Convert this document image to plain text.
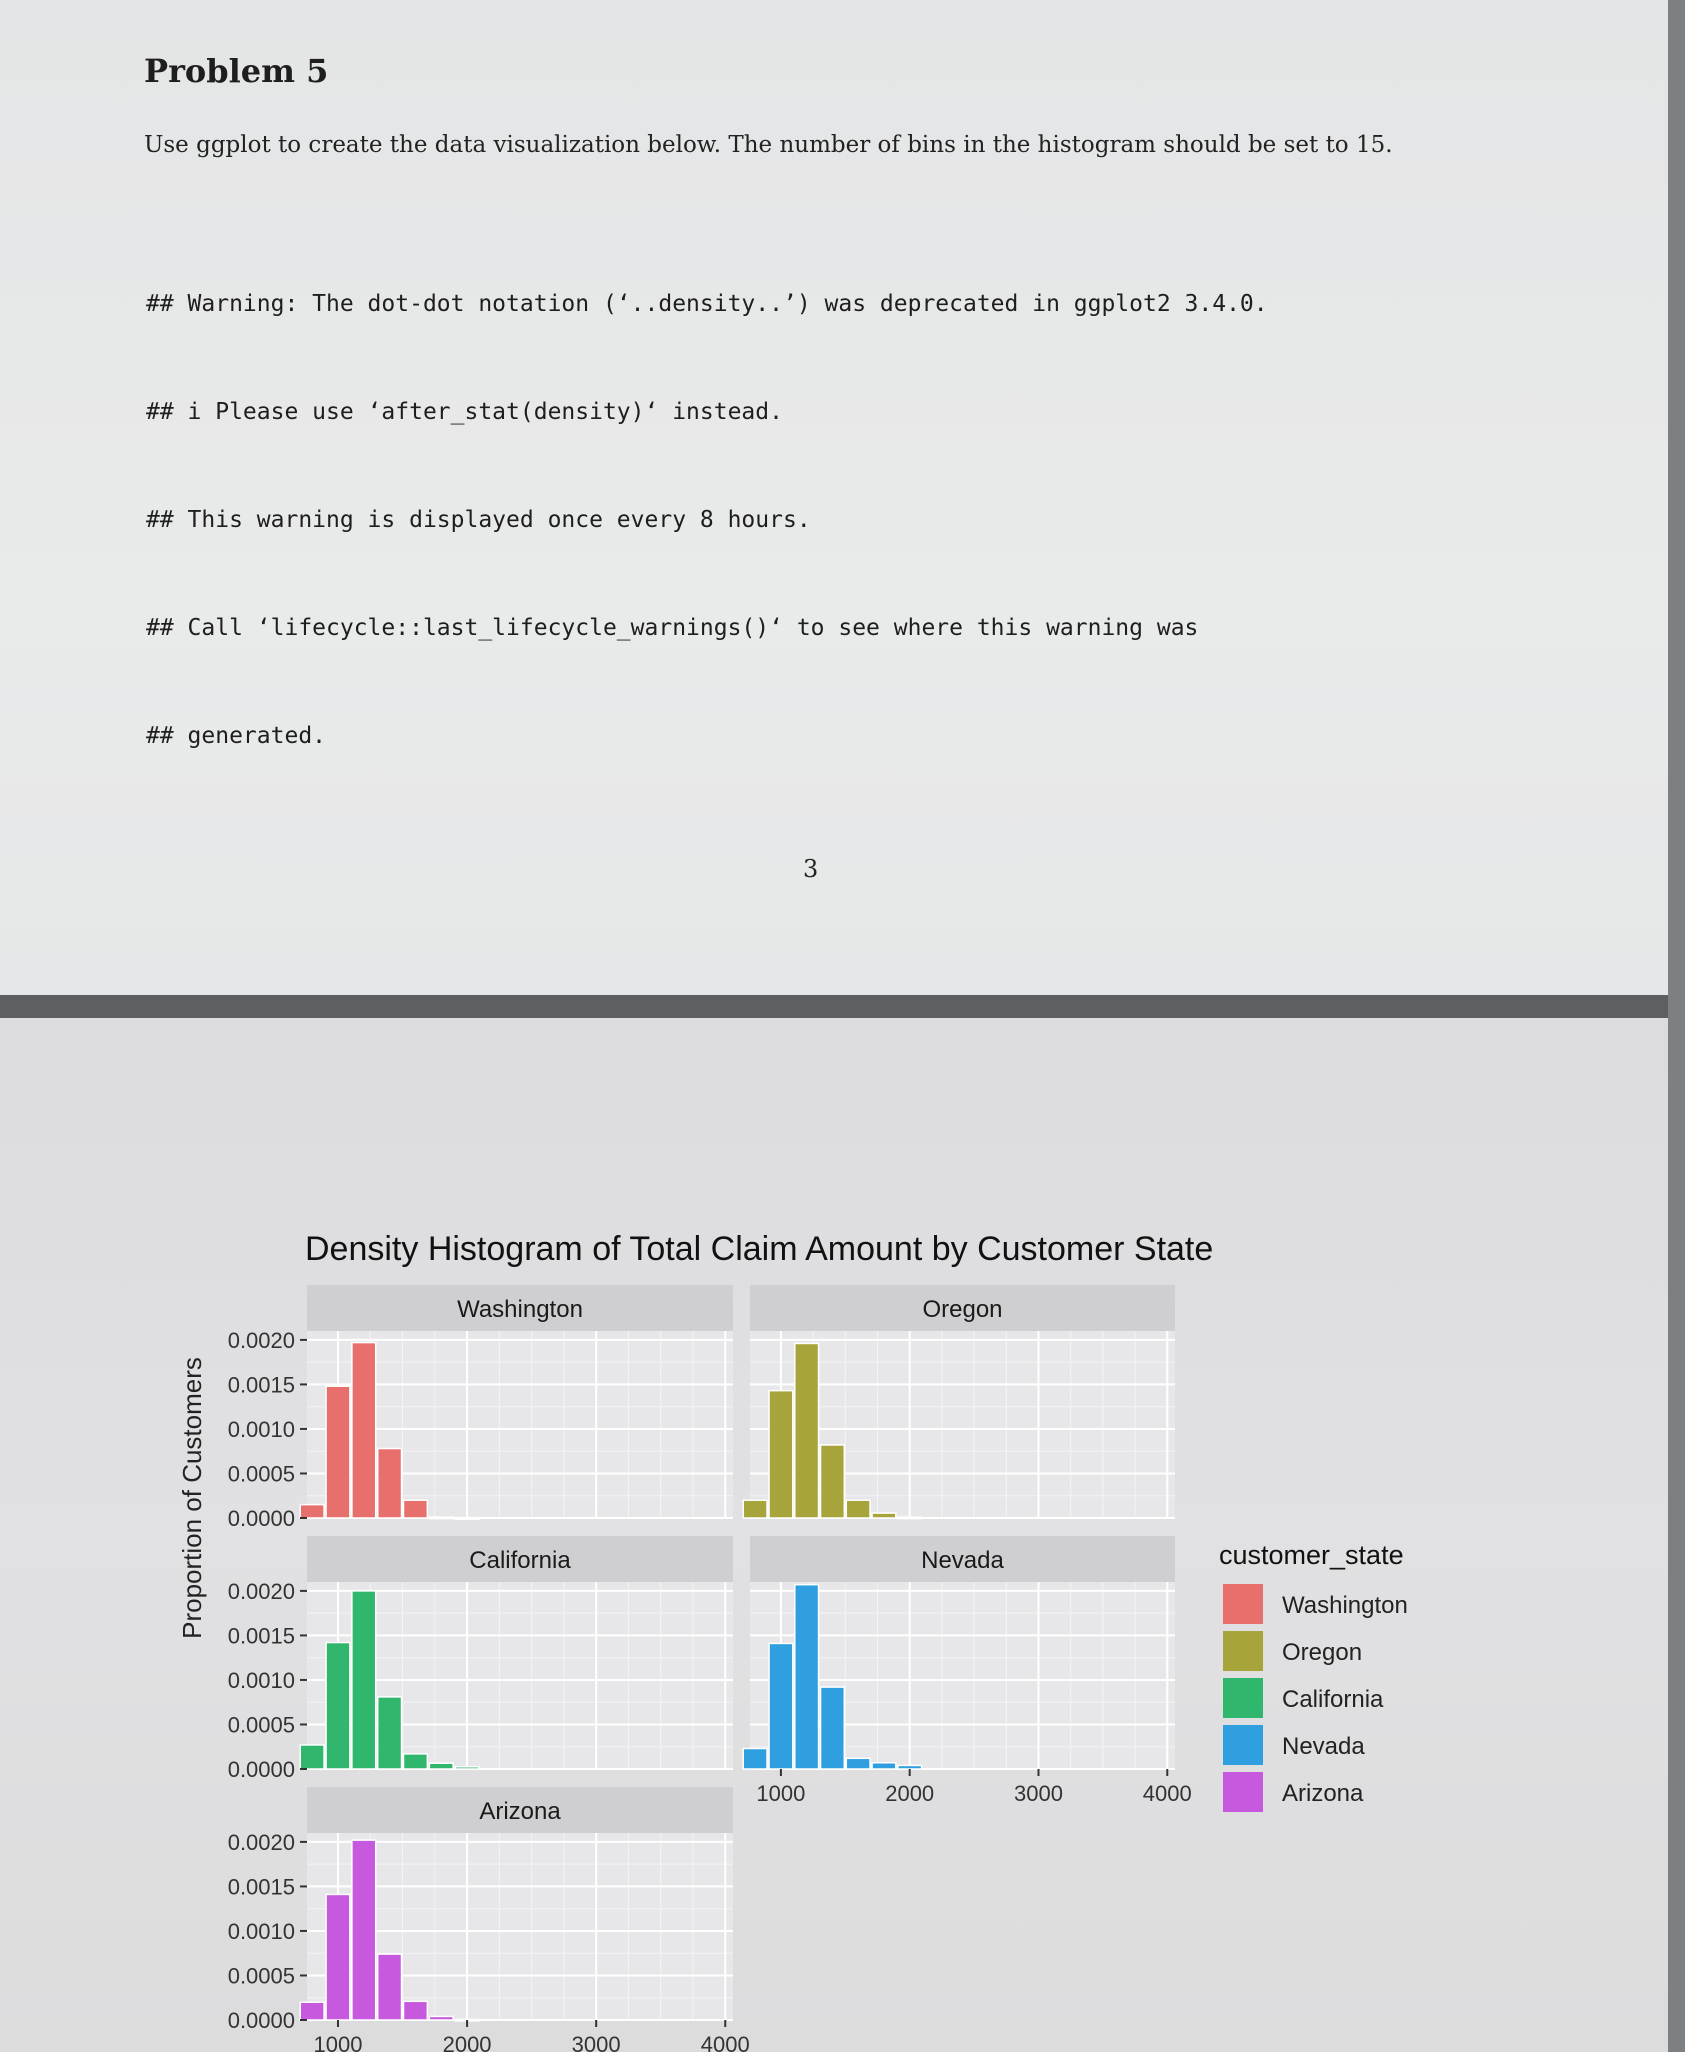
Problem 5
Use ggplot to create the data visualization below. The number of bins in the histogram should be set to 15.

## Warning: The dot-dot notation (‘..density..’) was deprecated in ggplot2 3.4.0.

## i Please use ‘after_stat(density)‘ instead.

## This warning is displayed once every 8 hours.

## Call ‘lifecycle::last_lifecycle_warnings()‘ to see where this warning was

## generated.

3
Density Histogram of Total Claim Amount by Customer State
Proportion of Customers
Washington
0.0000
0.0005
0.0010
0.0015
0.0020
Oregon
California
0.0000
0.0005
0.0010
0.0015
0.0020
Nevada
1000	2000	3000	4000
Arizona
0.0000
0.0005
0.0010
0.0015
0.0020
1000	2000	3000	4000
customer_state
Washington
Oregon
California
Nevada
Arizona
